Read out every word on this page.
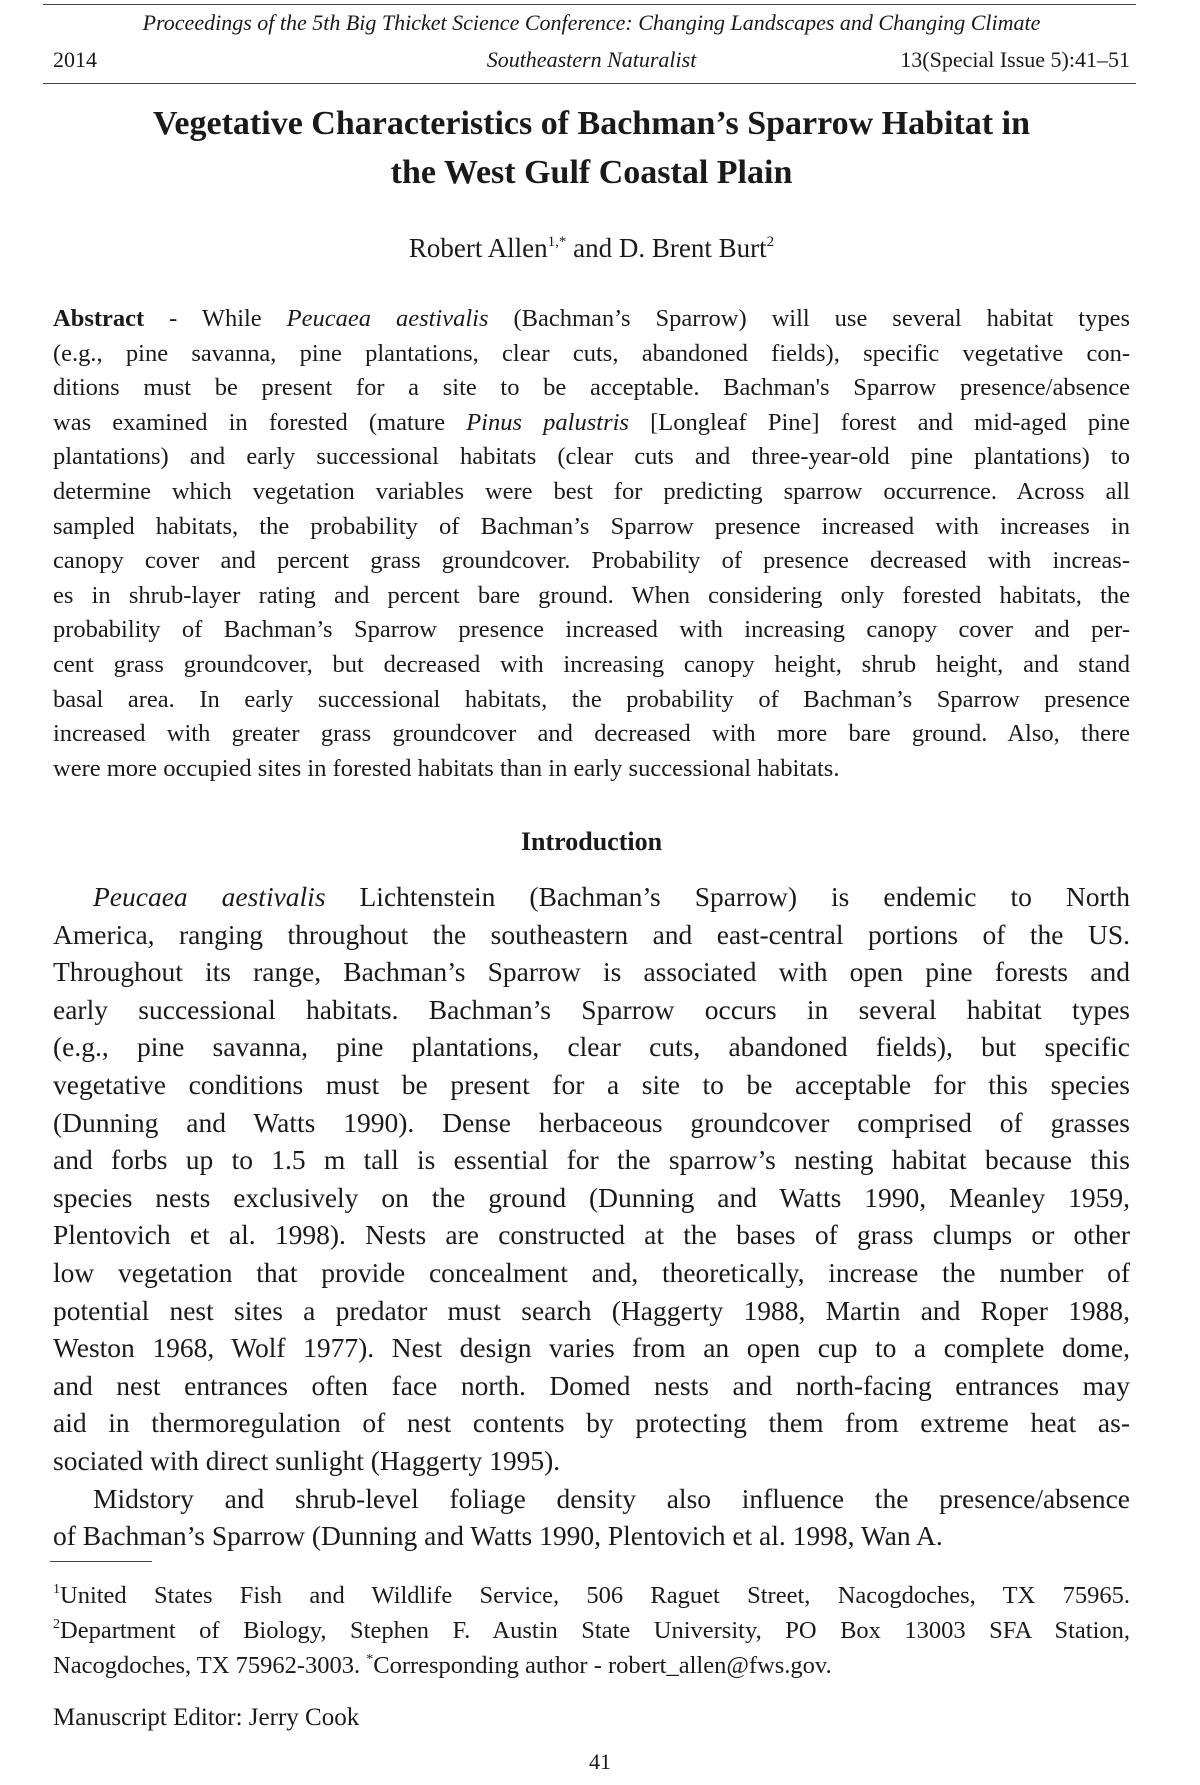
Proceedings of the 5th Big Thicket Science Conference: Changing Landscapes and Changing Climate
2014	Southeastern Naturalist	13(Special Issue 5):41–51
Vegetative Characteristics of Bachman’s Sparrow Habitat in
the West Gulf Coastal Plain
Robert Allen$^{1,*}$ and D. Brent Burt$^2$
Abstract - While Peucaea aestivalis (Bachman’s Sparrow) will use several habitat types
(e.g., pine savanna, pine plantations, clear cuts, abandoned fields), specific vegetative con-
ditions must be present for a site to be acceptable. Bachman's Sparrow presence/absence
was examined in forested (mature Pinus palustris [Longleaf Pine] forest and mid-aged pine
plantations) and early successional habitats (clear cuts and three-year-old pine plantations) to
determine which vegetation variables were best for predicting sparrow occurrence. Across all
sampled habitats, the probability of Bachman’s Sparrow presence increased with increases in
canopy cover and percent grass groundcover. Probability of presence decreased with increas-
es in shrub-layer rating and percent bare ground. When considering only forested habitats, the
probability of Bachman’s Sparrow presence increased with increasing canopy cover and per-
cent grass groundcover, but decreased with increasing canopy height, shrub height, and stand
basal area. In early successional habitats, the probability of Bachman’s Sparrow presence
increased with greater grass groundcover and decreased with more bare ground. Also, there
were more occupied sites in forested habitats than in early successional habitats.
Introduction
Peucaea aestivalis Lichtenstein (Bachman’s Sparrow) is endemic to North
America, ranging throughout the southeastern and east-central portions of the US.
Throughout its range, Bachman’s Sparrow is associated with open pine forests and
early successional habitats. Bachman’s Sparrow occurs in several habitat types
(e.g., pine savanna, pine plantations, clear cuts, abandoned fields), but specific
vegetative conditions must be present for a site to be acceptable for this species
(Dunning and Watts 1990). Dense herbaceous groundcover comprised of grasses
and forbs up to 1.5 m tall is essential for the sparrow’s nesting habitat because this
species nests exclusively on the ground (Dunning and Watts 1990, Meanley 1959,
Plentovich et al. 1998). Nests are constructed at the bases of grass clumps or other
low vegetation that provide concealment and, theoretically, increase the number of
potential nest sites a predator must search (Haggerty 1988, Martin and Roper 1988,
Weston 1968, Wolf 1977). Nest design varies from an open cup to a complete dome,
and nest entrances often face north. Domed nests and north-facing entrances may
aid in thermoregulation of nest contents by protecting them from extreme heat as-
sociated with direct sunlight (Haggerty 1995).
Midstory and shrub-level foliage density also influence the presence/absence
of Bachman’s Sparrow (Dunning and Watts 1990, Plentovich et al. 1998, Wan A.
$^1$United States Fish and Wildlife Service, 506 Raguet Street, Nacogdoches, TX 75965.
$^2$Department of Biology, Stephen F. Austin State University, PO Box 13003 SFA Station,
Nacogdoches, TX 75962-3003. *Corresponding author - robert_allen@fws.gov.
Manuscript Editor: Jerry Cook
41
